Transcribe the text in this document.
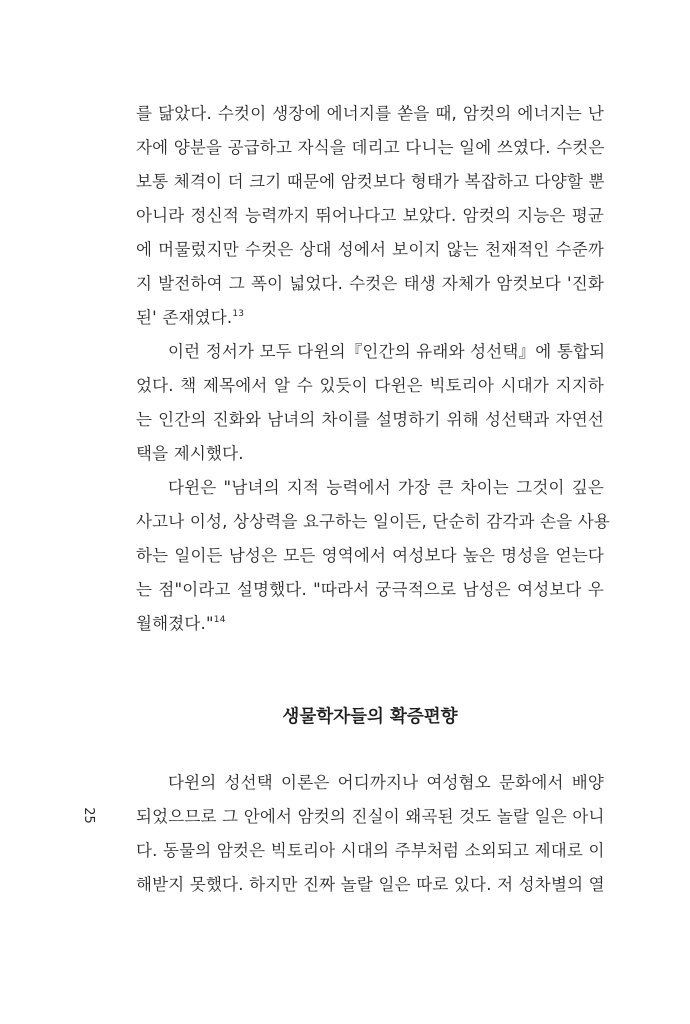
를 닮았다. 수컷이 생장에 에너지를 쏟을 때, 암컷의 에너지는 난
자에 양분을 공급하고 자식을 데리고 다니는 일에 쓰였다. 수컷은
보통 체격이 더 크기 때문에 암컷보다 형태가 복잡하고 다양할 뿐
아니라 정신적 능력까지 뛰어나다고 보았다. 암컷의 지능은 평균
에 머물렀지만 수컷은 상대 성에서 보이지 않는 천재적인 수준까
지 발전하여 그 폭이 넓었다. 수컷은 태생 자체가 암컷보다 '진화
된' 존재였다.$^{13}$
이런 정서가 모두 다윈의『인간의 유래와 성선택』에 통합되
었다. 책 제목에서 알 수 있듯이 다윈은 빅토리아 시대가 지지하
는 인간의 진화와 남녀의 차이를 설명하기 위해 성선택과 자연선
택을 제시했다.
다윈은 "남녀의 지적 능력에서 가장 큰 차이는 그것이 깊은
사고나 이성, 상상력을 요구하는 일이든, 단순히 감각과 손을 사용
하는 일이든 남성은 모든 영역에서 여성보다 높은 명성을 얻는다
는 점"이라고 설명했다. "따라서 궁극적으로 남성은 여성보다 우
월해졌다."$^{14}$
생물학자들의 확증편향
다윈의 성선택 이론은 어디까지나 여성혐오 문화에서 배양
되었으므로 그 안에서 암컷의 진실이 왜곡된 것도 놀랄 일은 아니
다. 동물의 암컷은 빅토리아 시대의 주부처럼 소외되고 제대로 이
해받지 못했다. 하지만 진짜 놀랄 일은 따로 있다. 저 성차별의 열
25
